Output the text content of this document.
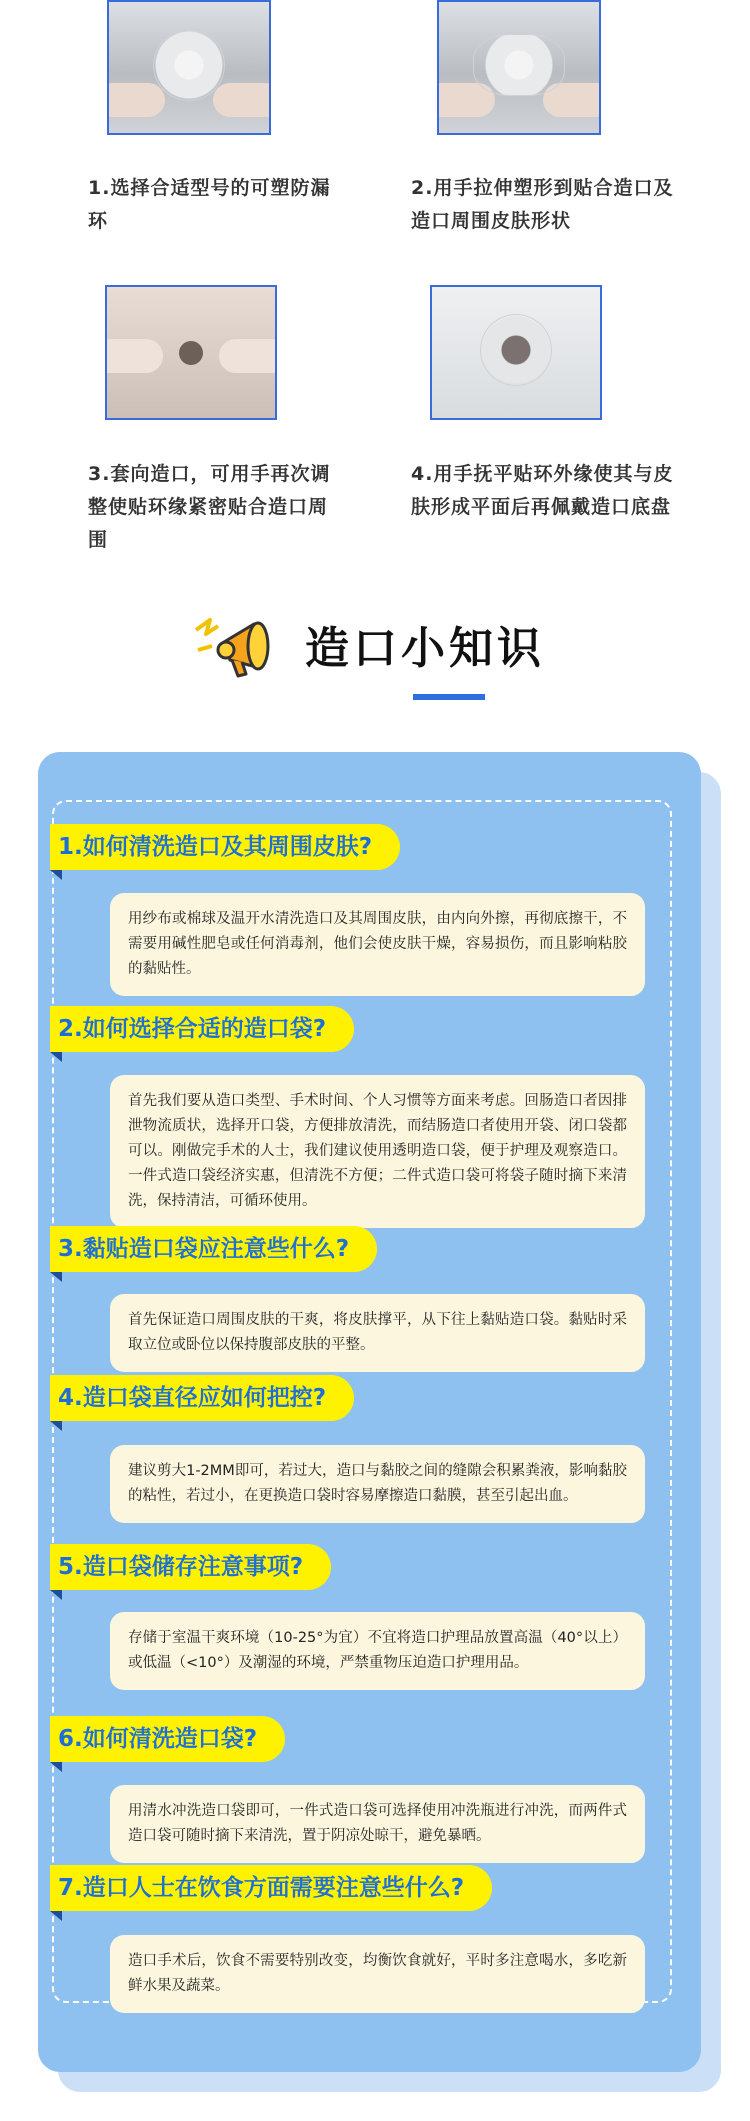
1.选择合适型号的可塑防漏环
2.用手拉伸塑形到贴合造口及造口周围皮肤形状
3.套向造口，可用手再次调整使贴环缘紧密贴合造口周围
4.用手抚平贴环外缘使其与皮肤形成平面后再佩戴造口底盘
造口小知识
1.如何清洗造口及其周围皮肤?
用纱布或棉球及温开水清洗造口及其周围皮肤，由内向外擦，再彻底擦干，不需要用碱性肥皂或任何消毒剂，他们会使皮肤干燥，容易损伤，而且影响粘胶的黏贴性。
2.如何选择合适的造口袋?
首先我们要从造口类型、手术时间、个人习惯等方面来考虑。回肠造口者因排泄物流质状，选择开口袋，方便排放清洗，而结肠造口者使用开袋、闭口袋都可以。刚做完手术的人士，我们建议使用透明造口袋，便于护理及观察造口。一件式造口袋经济实惠，但清洗不方便；二件式造口袋可将袋子随时摘下来清洗，保持清洁，可循环使用。
3.黏贴造口袋应注意些什么?
首先保证造口周围皮肤的干爽，将皮肤撑平，从下往上黏贴造口袋。黏贴时采取立位或卧位以保持腹部皮肤的平整。
4.造口袋直径应如何把控?
建议剪大1-2MM即可，若过大，造口与黏胶之间的缝隙会积累粪液，影响黏胶的粘性，若过小，在更换造口袋时容易摩擦造口黏膜，甚至引起出血。
5.造口袋储存注意事项?
存储于室温干爽环境（10-25°为宜）不宜将造口护理品放置高温（40°以上）或低温（<10°）及潮湿的环境，严禁重物压迫造口护理用品。
6.如何清洗造口袋?
用清水冲洗造口袋即可，一件式造口袋可选择使用冲洗瓶进行冲洗，而两件式造口袋可随时摘下来清洗，置于阴凉处晾干，避免暴晒。
7.造口人士在饮食方面需要注意些什么?
造口手术后，饮食不需要特别改变，均衡饮食就好，平时多注意喝水，多吃新鲜水果及蔬菜。
